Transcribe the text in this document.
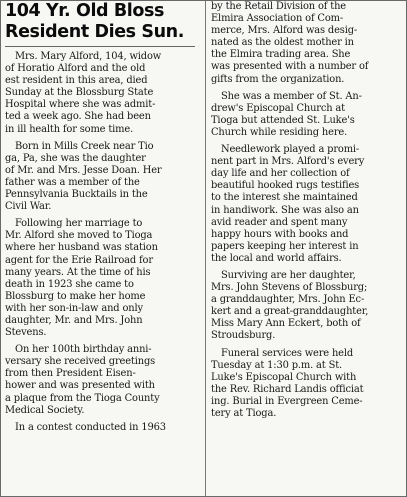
104 Yr. Old Bloss
Resident Dies Sun.

Mrs. Mary Alford, 104, widow
of Horatio Alford and the old
est resident in this area, died
Sunday at the Blossburg State
Hospital where she was admit-
ted a week ago. She had been
in ill health for some time.

Born in Mills Creek near Tio
ga, Pa, she was the daughter
of Mr. and Mrs. Jesse Doan. Her
father was a member of the
Pennsylvania Bucktails in the
Civil War.

Following her marriage to
Mr. Alford she moved to Tioga
where her husband was station
agent for the Erie Railroad for
many years. At the time of his
death in 1923 she came to
Blossburg to make her home
with her son-in-law and only
daughter, Mr. and Mrs. John
Stevens.

On her 100th birthday anni-
versary she received greetings
from then President Eisen-
hower and was presented with
a plaque from the Tioga County
Medical Society.

In a contest conducted in 1963

by the Retail Division of the
Elmira Association of Com-
merce, Mrs. Alford was desig-
nated as the oldest mother in
the Elmira trading area. She
was presented with a number of
gifts from the organization.

She was a member of St. An-
drew's Episcopal Church at
Tioga but attended St. Luke's
Church while residing here.

Needlework played a promi-
nent part in Mrs. Alford's every
day life and her collection of
beautiful hooked rugs testifies
to the interest she maintained
in handiwork. She was also an
avid reader and spent many
happy hours with books and
papers keeping her interest in
the local and world affairs.

Surviving are her daughter,
Mrs. John Stevens of Blossburg;
a granddaughter, Mrs. John Ec-
kert and a great-granddaughter,
Miss Mary Ann Eckert, both of
Stroudsburg.

Funeral services were held
Tuesday at 1:30 p.m. at St.
Luke's Episcopal Church with
the Rev. Richard Landis officiat
ing. Burial in Evergreen Ceme-
tery at Tioga.
